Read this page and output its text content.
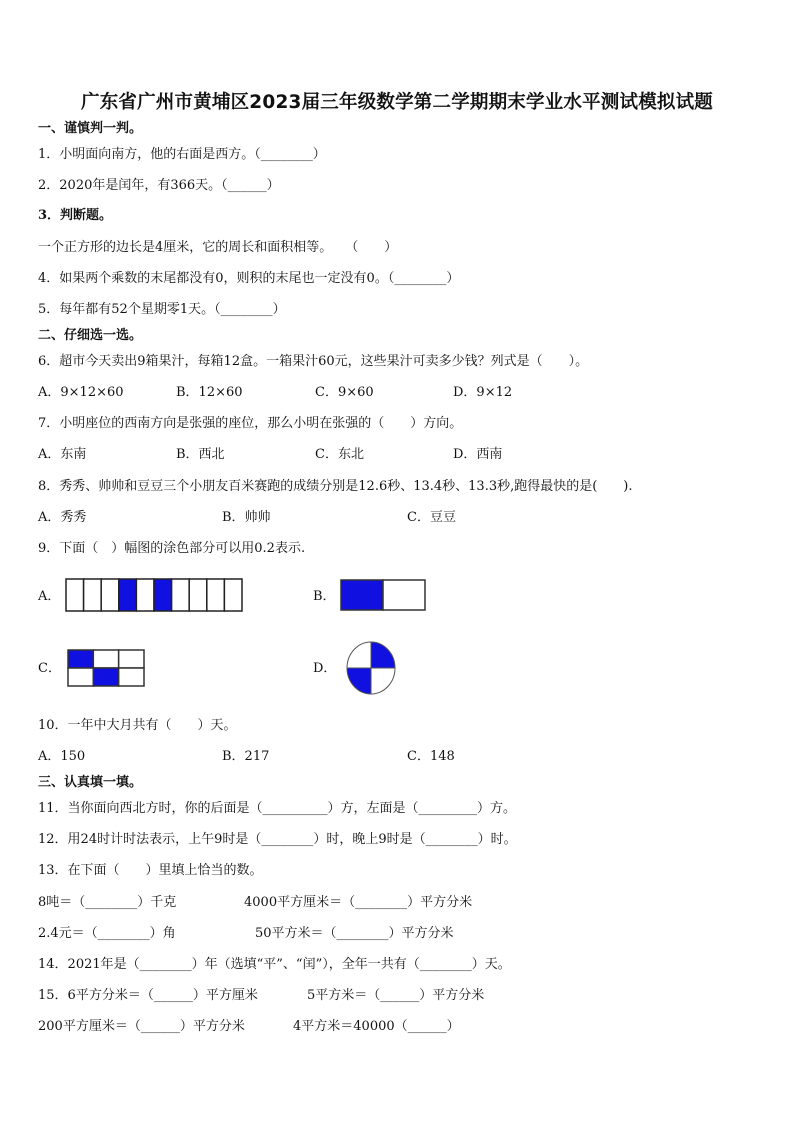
广东省广州市黄埔区2023届三年级数学第二学期期末学业水平测试模拟试题
一、谨慎判一判。
1．小明面向南方，他的右面是西方。（________）
2．2020年是闰年，有366天。（______）
3．判断题。
一个正方形的边长是4厘米，它的周长和面积相等。　　（　　）
4．如果两个乘数的末尾都没有0，则积的末尾也一定没有0。（________）
5．每年都有52个星期零1天。（________）
二、仔细选一选。
6．超市今天卖出9箱果汁，每箱12盒。一箱果汁60元，这些果汁可卖多少钱？列式是（　　）。
A．9×12×60	B．12×60	C．9×60	D．9×12
7．小明座位的西南方向是张强的座位，那么小明在张强的（　　）方向。
A．东南	B．西北	C．东北	D．西南
8．秀秀、帅帅和豆豆三个小朋友百米赛跑的成绩分别是12.6秒、13.4秒、13.3秒,跑得最快的是(　　).
A．秀秀	B．帅帅	C．豆豆
9．下面（　）幅图的涂色部分可以用0.2表示.
A．	B．
C．	D．
10．一年中大月共有（　　）天。
A．150	B．217	C．148
三、认真填一填。
11．当你面向西北方时，你的后面是（__________）方，左面是（_________）方。
12．用24时计时法表示，上午9时是（________）时，晚上9时是（________）时。
13．在下面（　　）里填上恰当的数。
8吨＝（________）千克	4000平方厘米＝（________）平方分米
2.4元＝（________）角	50平方米＝（________）平方分米
14．2021年是（________）年（选填“平”、“闰”），全年一共有（________）天。
15．6平方分米＝（______）平方厘米	5平方米＝（______）平方分米
200平方厘米＝（______）平方分米	4平方米＝40000（______）
